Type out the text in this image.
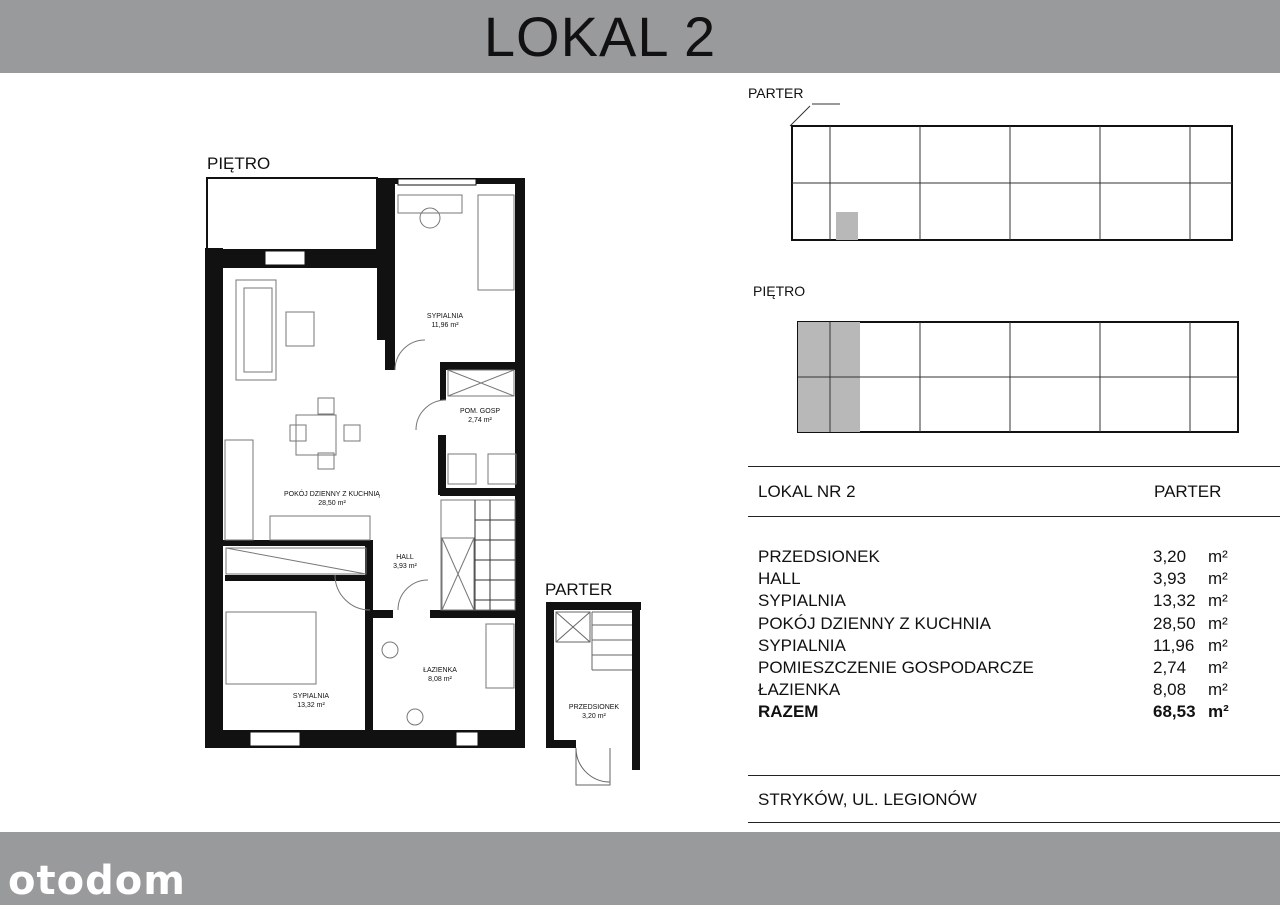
LOKAL 2
PIĘTRO
PARTER
PARTER
PIĘTRO
SYPIALNIA
11,96 m²
POM. GOSP
2,74 m²
POKÓJ DZIENNY Z KUCHNIĄ
28,50 m²
HALL
3,93 m²
ŁAZIENKA
8,08 m²
SYPIALNIA
13,32 m²	PRZEDSIONEK
3,20 m²
LOKAL NR 2	PARTER
PRZEDSIONEK	3,20 m²
HALL	3,93 m²
SYPIALNIA	13,32 m²
POKÓJ DZIENNY Z KUCHNIA	28,50 m²
SYPIALNIA	11,96 m²
POMIESZCZENIE GOSPODARCZE	2,74 m²
ŁAZIENKA	8,08 m²
RAZEM	68,53 m²
STRYKÓW, UL. LEGIONÓW
otodom
